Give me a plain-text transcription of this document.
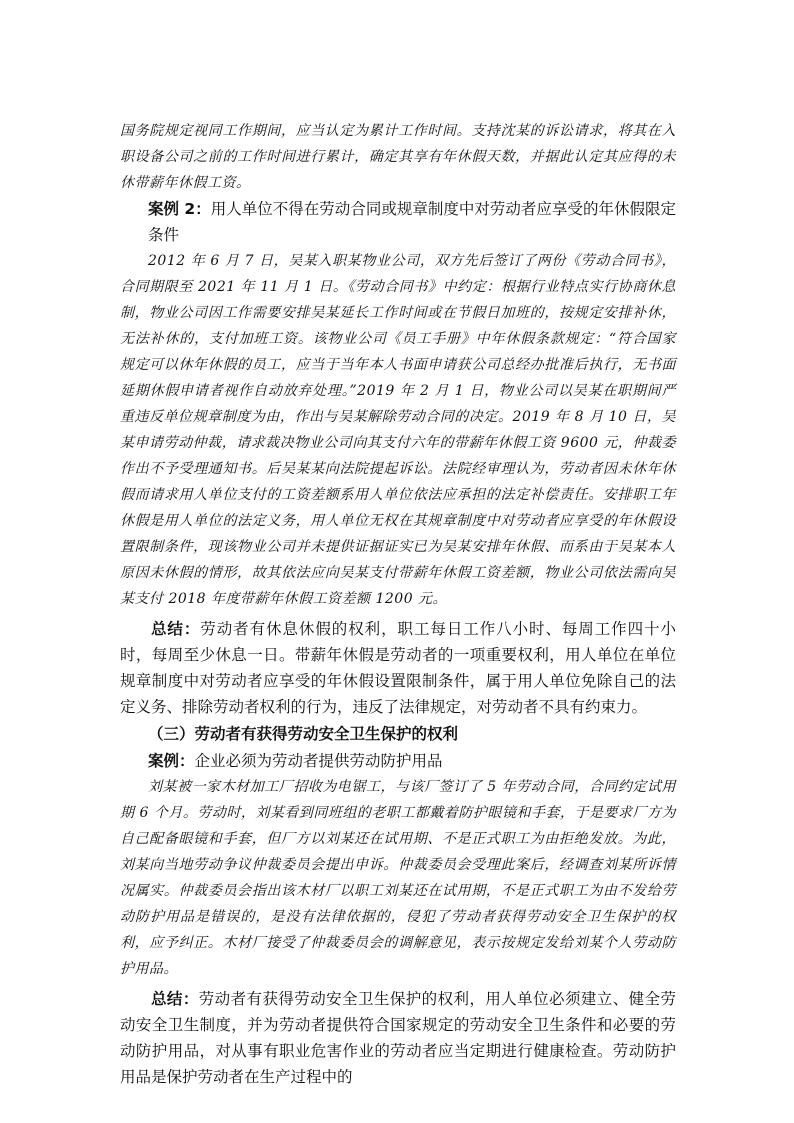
国务院规定视同工作期间，应当认定为累计工作时间。支持沈某的诉讼请求，将其在入职设备公司之前的工作时间进行累计，确定其享有年休假天数，并据此认定其应得的未休带薪年休假工资。

案例 2：用人单位不得在劳动合同或规章制度中对劳动者应享受的年休假限定条件

2012 年 6 月 7 日，吴某入职某物业公司，双方先后签订了两份《劳动合同书》，合同期限至 2021 年 11 月 1 日。《劳动合同书》中约定：根据行业特点实行协商休息制，物业公司因工作需要安排吴某延长工作时间或在节假日加班的，按规定安排补休，无法补休的，支付加班工资。该物业公司《员工手册》中年休假条款规定：“符合国家规定可以休年休假的员工，应当于当年本人书面申请获公司总经办批准后执行，无书面延期休假申请者视作自动放弃处理。”2019 年 2 月 1 日，物业公司以吴某在职期间严重违反单位规章制度为由，作出与吴某解除劳动合同的决定。2019 年 8 月 10 日，吴某申请劳动仲裁，请求裁决物业公司向其支付六年的带薪年休假工资 9600 元，仲裁委作出不予受理通知书。后吴某某向法院提起诉讼。法院经审理认为，劳动者因未休年休假而请求用人单位支付的工资差额系用人单位依法应承担的法定补偿责任。安排职工年休假是用人单位的法定义务，用人单位无权在其规章制度中对劳动者应享受的年休假设置限制条件，现该物业公司并未提供证据证实已为吴某安排年休假、而系由于吴某本人原因未休假的情形，故其依法应向吴某支付带薪年休假工资差额，物业公司依法需向吴某支付 2018 年度带薪年休假工资差额 1200 元。

总结：劳动者有休息休假的权利，职工每日工作八小时、每周工作四十小时，每周至少休息一日。带薪年休假是劳动者的一项重要权利，用人单位在单位规章制度中对劳动者应享受的年休假设置限制条件，属于用人单位免除自己的法定义务、排除劳动者权利的行为，违反了法律规定，对劳动者不具有约束力。

（三）劳动者有获得劳动安全卫生保护的权利

案例：企业必须为劳动者提供劳动防护用品

刘某被一家木材加工厂招收为电锯工，与该厂签订了 5 年劳动合同，合同约定试用期 6 个月。劳动时，刘某看到同班组的老职工都戴着防护眼镜和手套，于是要求厂方为自己配备眼镜和手套，但厂方以刘某还在试用期、不是正式职工为由拒绝发放。为此，刘某向当地劳动争议仲裁委员会提出申诉。仲裁委员会受理此案后，经调查刘某所诉情况属实。仲裁委员会指出该木材厂以职工刘某还在试用期，不是正式职工为由不发给劳动防护用品是错误的，是没有法律依据的，侵犯了劳动者获得劳动安全卫生保护的权利，应予纠正。木材厂接受了仲裁委员会的调解意见，表示按规定发给刘某个人劳动防护用品。

总结：劳动者有获得劳动安全卫生保护的权利，用人单位必须建立、健全劳动安全卫生制度，并为劳动者提供符合国家规定的劳动安全卫生条件和必要的劳动防护用品，对从事有职业危害作业的劳动者应当定期进行健康检查。劳动防护用品是保护劳动者在生产过程中的
